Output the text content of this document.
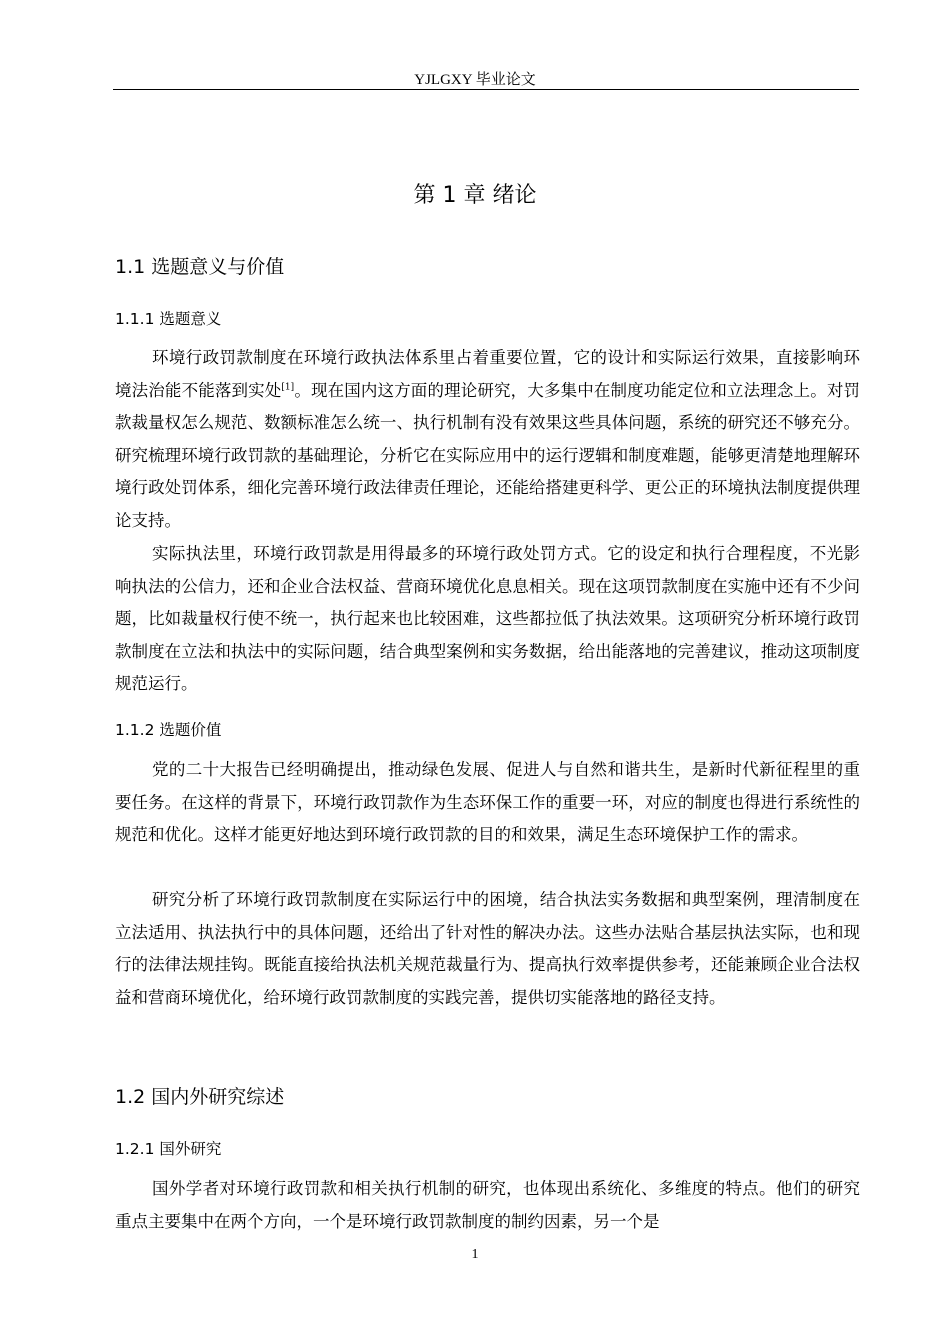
YJLGXY 毕业论文
第 1 章 绪论
1.1 选题意义与价值
1.1.1 选题意义

环境行政罚款制度在环境行政执法体系里占着重要位置，它的设计和实际运行效果，直接影响环境法治能不能落到实处[1]。现在国内这方面的理论研究，大多集中在制度功能定位和立法理念上。对罚款裁量权怎么规范、数额标准怎么统一、执行机制有没有效果这些具体问题，系统的研究还不够充分。研究梳理环境行政罚款的基础理论，分析它在实际应用中的运行逻辑和制度难题，能够更清楚地理解环境行政处罚体系，细化完善环境行政法律责任理论，还能给搭建更科学、更公正的环境执法制度提供理论支持。

实际执法里，环境行政罚款是用得最多的环境行政处罚方式。它的设定和执行合理程度，不光影响执法的公信力，还和企业合法权益、营商环境优化息息相关。现在这项罚款制度在实施中还有不少问题，比如裁量权行使不统一，执行起来也比较困难，这些都拉低了执法效果。这项研究分析环境行政罚款制度在立法和执法中的实际问题，结合典型案例和实务数据，给出能落地的完善建议，推动这项制度规范运行。

1.1.2 选题价值

党的二十大报告已经明确提出，推动绿色发展、促进人与自然和谐共生，是新时代新征程里的重要任务。在这样的背景下，环境行政罚款作为生态环保工作的重要一环，对应的制度也得进行系统性的规范和优化。这样才能更好地达到环境行政罚款的目的和效果，满足生态环境保护工作的需求。

研究分析了环境行政罚款制度在实际运行中的困境，结合执法实务数据和典型案例，理清制度在立法适用、执法执行中的具体问题，还给出了针对性的解决办法。这些办法贴合基层执法实际，也和现行的法律法规挂钩。既能直接给执法机关规范裁量行为、提高执行效率提供参考，还能兼顾企业合法权益和营商环境优化，给环境行政罚款制度的实践完善，提供切实能落地的路径支持。

1.2 国内外研究综述
1.2.1 国外研究

国外学者对环境行政罚款和相关执行机制的研究，也体现出系统化、多维度的特点。他们的研究重点主要集中在两个方向，一个是环境行政罚款制度的制约因素，另一个是

1
